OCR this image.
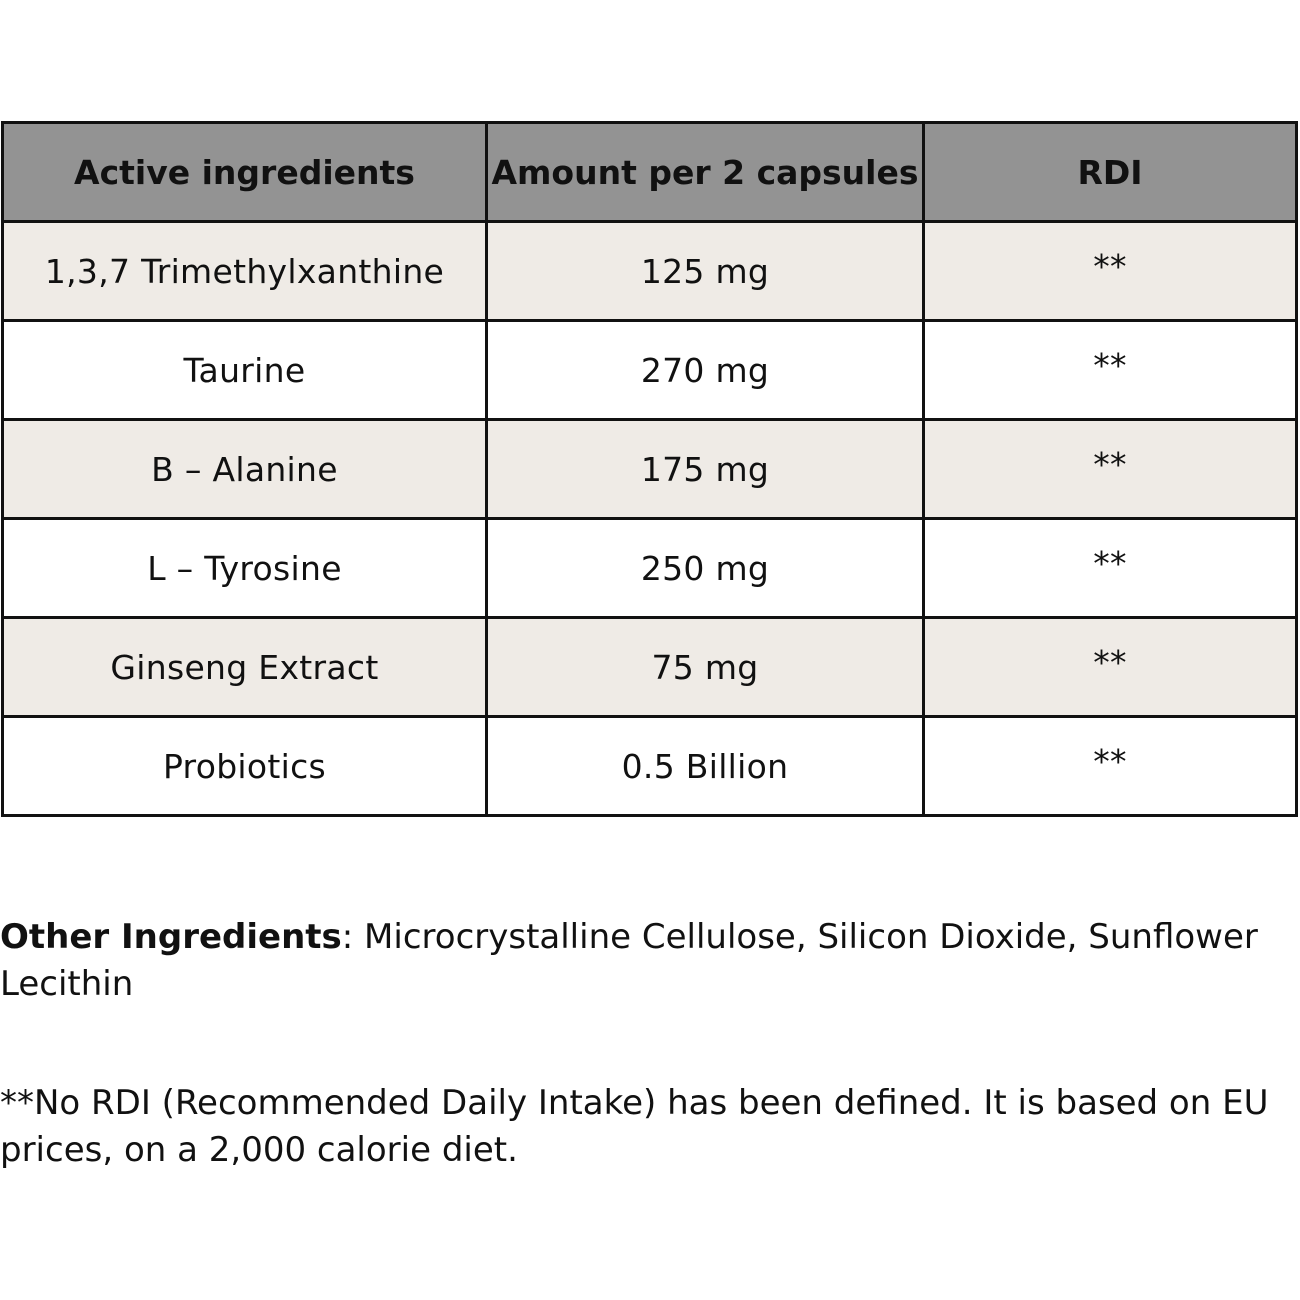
Active ingredients	Amount per 2 capsules	RDI
1,3,7 Trimethylxanthine	125 mg	**
Taurine	270 mg	**
B – Alanine	175 mg	**
L – Tyrosine	250 mg	**
Ginseng Extract	75 mg	**
Probiotics	0.5 Billion	**

Other Ingredients: Microcrystalline Cellulose, Silicon Dioxide, Sunflower Lecithin

**No RDI (Recommended Daily Intake) has been defined. It is based on EU prices, on a 2,000 calorie diet.
